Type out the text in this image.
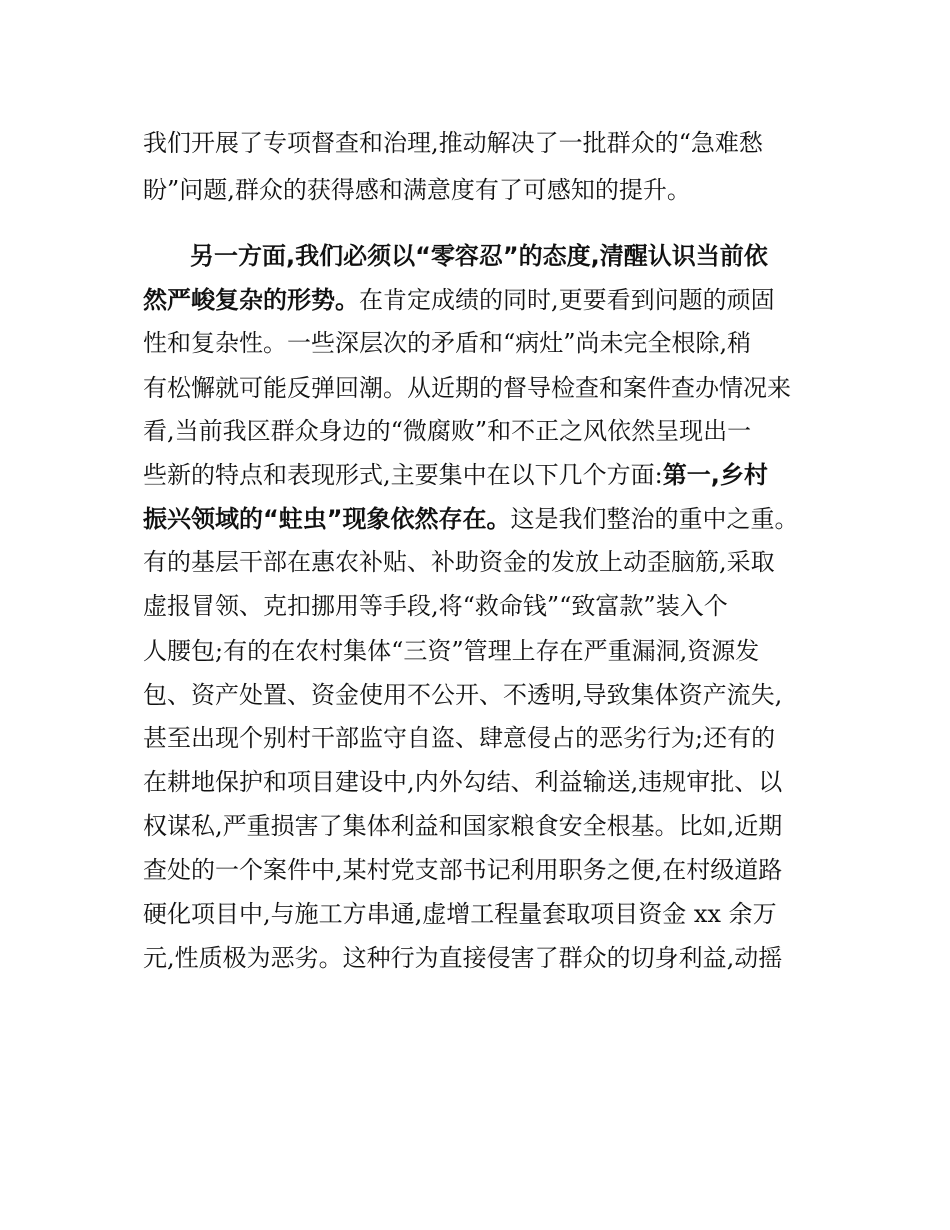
我们开展了专项督查和治理,推动解决了一批群众的“急难愁
盼”问题,群众的获得感和满意度有了可感知的提升。
另一方面,我们必须以“零容忍”的态度,清醒认识当前依
然严峻复杂的形势。在肯定成绩的同时,更要看到问题的顽固
性和复杂性。一些深层次的矛盾和“病灶”尚未完全根除,稍
有松懈就可能反弹回潮。从近期的督导检查和案件查办情况来
看,当前我区群众身边的“微腐败”和不正之风依然呈现出一
些新的特点和表现形式,主要集中在以下几个方面:第一,乡村
振兴领域的“蛀虫”现象依然存在。这是我们整治的重中之重。
有的基层干部在惠农补贴、补助资金的发放上动歪脑筋,采取
虚报冒领、克扣挪用等手段,将“救命钱”“致富款”装入个
人腰包;有的在农村集体“三资”管理上存在严重漏洞,资源发
包、资产处置、资金使用不公开、不透明,导致集体资产流失,
甚至出现个别村干部监守自盗、肆意侵占的恶劣行为;还有的
在耕地保护和项目建设中,内外勾结、利益输送,违规审批、以
权谋私,严重损害了集体利益和国家粮食安全根基。比如,近期
查处的一个案件中,某村党支部书记利用职务之便,在村级道路
硬化项目中,与施工方串通,虚增工程量套取项目资金 xx 余万
元,性质极为恶劣。这种行为直接侵害了群众的切身利益,动摇
